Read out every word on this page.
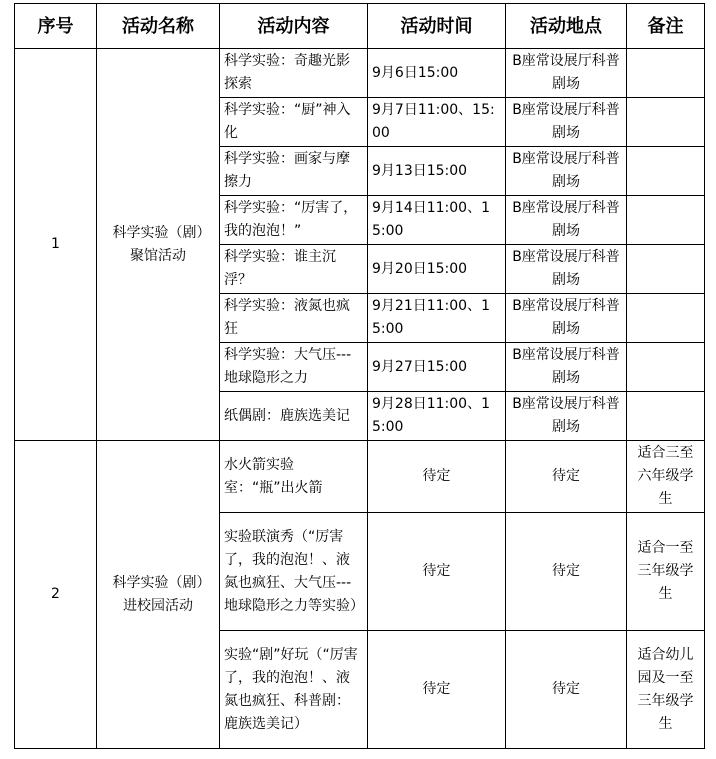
序号	活动名称	活动内容	活动时间	活动地点	备注
1	科学实验（剧）聚馆活动	科学实验：奇趣光影探索	9月6日15:00	B座常设展厅科普剧场	
		科学实验：“厨”神入化	9月7日11:00、15:00	B座常设展厅科普剧场	
		科学实验：画家与摩擦力	9月13日15:00	B座常设展厅科普剧场	
		科学实验：“厉害了，我的泡泡！”	9月14日11:00、15:00	B座常设展厅科普剧场	
		科学实验：谁主沉浮？	9月20日15:00	B座常设展厅科普剧场	
		科学实验：液氮也疯狂	9月21日11:00、15:00	B座常设展厅科普剧场	
		科学实验：大气压---地球隐形之力	9月27日15:00	B座常设展厅科普剧场	
		纸偶剧：鹿族选美记	9月28日11:00、15:00	B座常设展厅科普剧场	
2	科学实验（剧）进校园活动	水火箭实验室：“瓶”出火箭	待定	待定	适合三至六年级学生
		实验联演秀（“厉害了，我的泡泡！、液氮也疯狂、大气压---地球隐形之力等实验）	待定	待定	适合一至三年级学生
		实验“剧”好玩（“厉害了，我的泡泡！、液氮也疯狂、科普剧：鹿族选美记）	待定	待定	适合幼儿园及一至三年级学生
